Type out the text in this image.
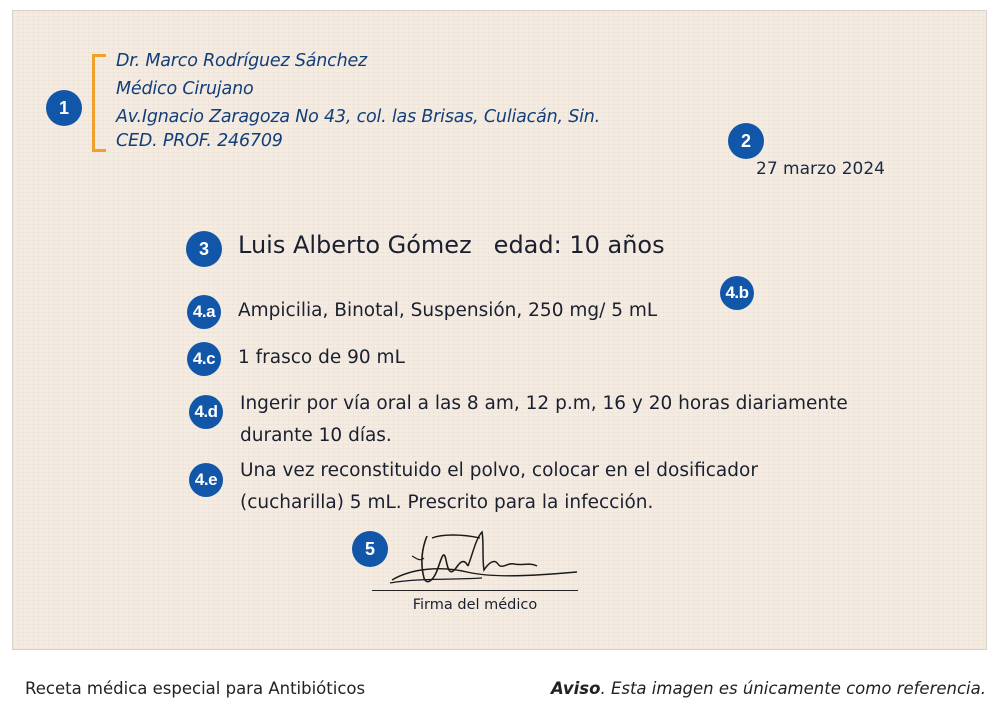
1
Dr. Marco Rodríguez Sánchez
Médico Cirujano
Av.Ignacio Zaragoza No 43, col. las Brisas, Culiacán, Sin.
CED. PROF. 246709	2
27 marzo 2024
3	Luis Alberto Gómez edad: 10 años
4.a	Ampicilia, Binotal, Suspensión, 250 mg/ 5 mL
4.b
4.c	1 frasco de 90 mL
4.d Ingerir por vía oral a las 8 am, 12 p.m, 16 y 20 horas diariamente
durante 10 días.
4.e	Una vez reconstituido el polvo, colocar en el dosificador
(cucharilla) 5 mL. Prescrito para la infección.
5
Firma del médico
Receta médica especial para Antibióticos	Aviso. Esta imagen es únicamente como referencia.
